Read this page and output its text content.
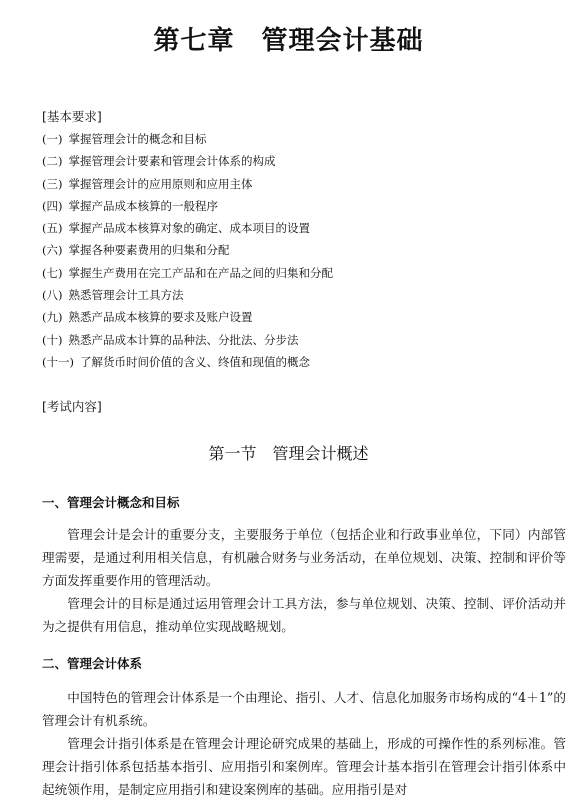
第七章　管理会计基础
[基本要求]
(一) 掌握管理会计的概念和目标
(二) 掌握管理会计要素和管理会计体系的构成
(三) 掌握管理会计的应用原则和应用主体
(四) 掌握产品成本核算的一般程序
(五) 掌握产品成本核算对象的确定、成本项目的设置
(六) 掌握各种要素费用的归集和分配
(七) 掌握生产费用在完工产品和在产品之间的归集和分配
(八) 熟悉管理会计工具方法
(九) 熟悉产品成本核算的要求及账户设置
(十) 熟悉产品成本计算的品种法、分批法、分步法
(十一) 了解货币时间价值的含义、终值和现值的概念
[考试内容]
第一节　管理会计概述
一、管理会计概念和目标

管理会计是会计的重要分支，主要服务于单位（包括企业和行政事业单位，下同）内部管理需要，是通过利用相关信息，有机融合财务与业务活动，在单位规划、决策、控制和评价等方面发挥重要作用的管理活动。

管理会计的目标是通过运用管理会计工具方法，参与单位规划、决策、控制、评价活动并为之提供有用信息，推动单位实现战略规划。

二、管理会计体系

中国特色的管理会计体系是一个由理论、指引、人才、信息化加服务市场构成的“4＋1”的管理会计有机系统。

管理会计指引体系是在管理会计理论研究成果的基础上，形成的可操作性的系列标准。管理会计指引体系包括基本指引、应用指引和案例库。管理会计基本指引在管理会计指引体系中起统领作用，是制定应用指引和建设案例库的基础。应用指引是对
